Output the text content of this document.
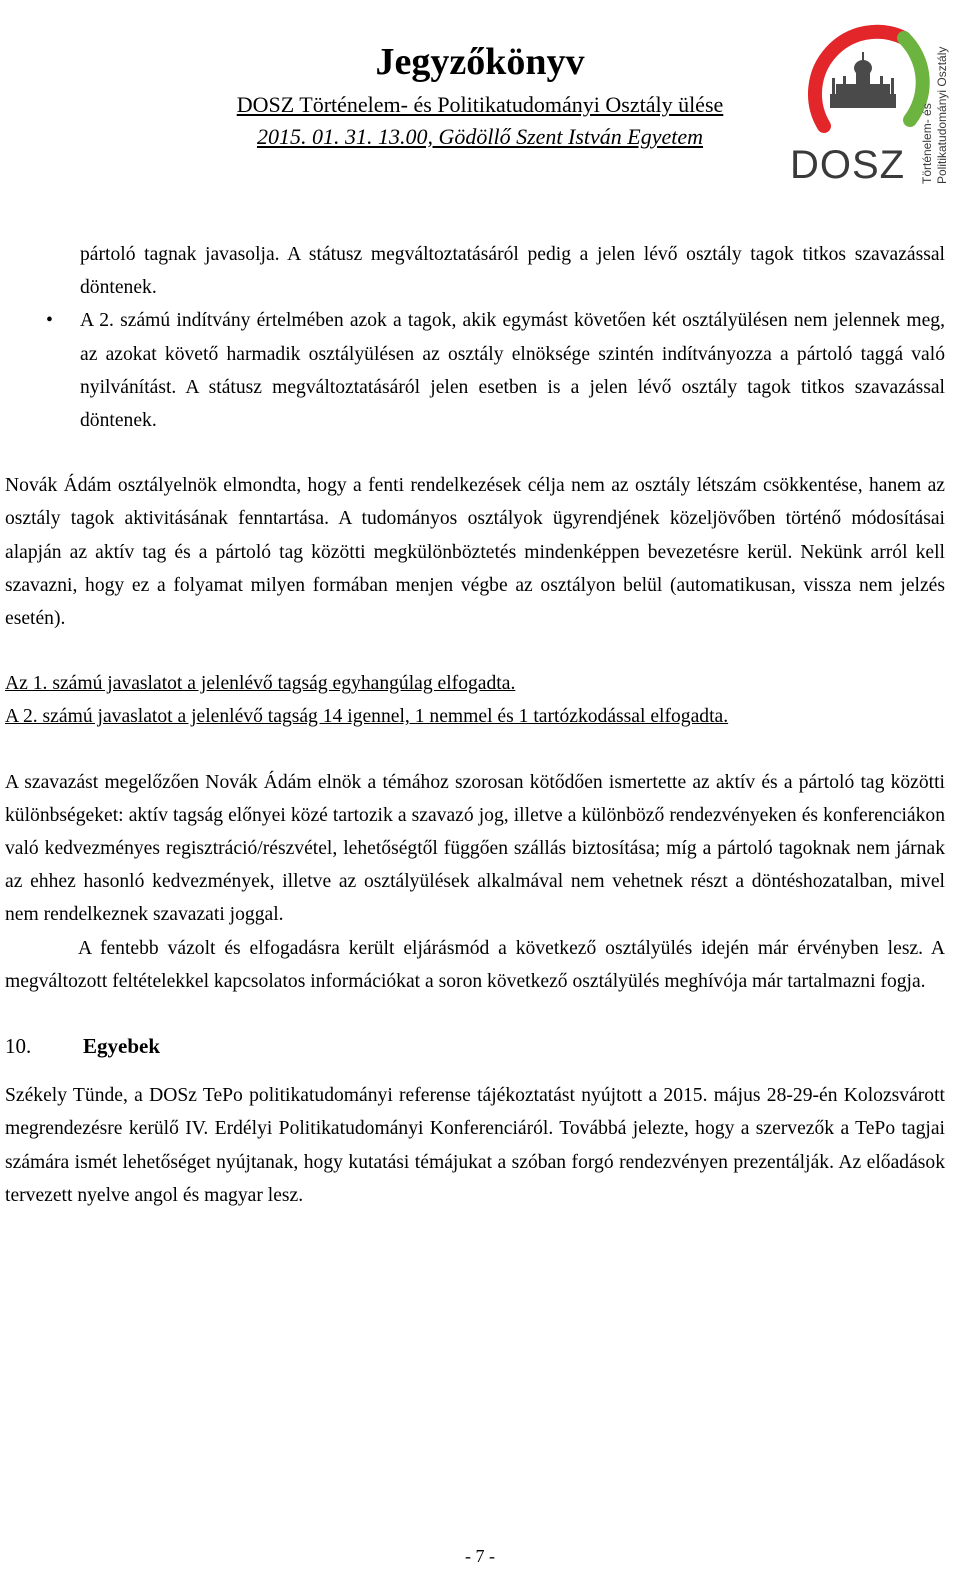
Jegyzőkönyv
DOSZ Történelem- és Politikatudományi Osztály ülése
2015. 01. 31. 13.00, Gödöllő Szent István Egyetem
DOSZ Történelem- és Politikatudományi Osztály

pártoló tagnak javasolja. A státusz megváltoztatásáról pedig a jelen lévő osztály tagok titkos szavazással döntenek.

• A 2. számú indítvány értelmében azok a tagok, akik egymást követően két osztályülésen nem jelennek meg, az azokat követő harmadik osztályülésen az osztály elnöksége szintén indítványozza a pártoló taggá való nyilvánítást. A státusz megváltoztatásáról jelen esetben is a jelen lévő osztály tagok titkos szavazással döntenek.

Novák Ádám osztályelnök elmondta, hogy a fenti rendelkezések célja nem az osztály létszám csökkentése, hanem az osztály tagok aktivitásának fenntartása. A tudományos osztályok ügyrendjének közeljövőben történő módosításai alapján az aktív tag és a pártoló tag közötti megkülönböztetés mindenképpen bevezetésre kerül. Nekünk arról kell szavazni, hogy ez a folyamat milyen formában menjen végbe az osztályon belül (automatikusan, vissza nem jelzés esetén).

Az 1. számú javaslatot a jelenlévő tagság egyhangúlag elfogadta.

A 2. számú javaslatot a jelenlévő tagság 14 igennel, 1 nemmel és 1 tartózkodással elfogadta.

A szavazást megelőzően Novák Ádám elnök a témához szorosan kötődően ismertette az aktív és a pártoló tag közötti különbségeket: aktív tagság előnyei közé tartozik a szavazó jog, illetve a különböző rendezvényeken és konferenciákon való kedvezményes regisztráció/részvétel, lehetőségtől függően szállás biztosítása; míg a pártoló tagoknak nem járnak az ehhez hasonló kedvezmények, illetve az osztályülések alkalmával nem vehetnek részt a döntéshozatalban, mivel nem rendelkeznek szavazati joggal.

A fentebb vázolt és elfogadásra került eljárásmód a következő osztályülés idején már érvényben lesz. A megváltozott feltételekkel kapcsolatos információkat a soron következő osztályülés meghívója már tartalmazni fogja.

10. Egyebek

Székely Tünde, a DOSz TePo politikatudományi referense tájékoztatást nyújtott a 2015. május 28-29-én Kolozsvárott megrendezésre kerülő IV. Erdélyi Politikatudományi Konferenciáról. Továbbá jelezte, hogy a szervezők a TePo tagjai számára ismét lehetőséget nyújtanak, hogy kutatási témájukat a szóban forgó rendezvényen prezentálják. Az előadások tervezett nyelve angol és magyar lesz.

- 7 -
